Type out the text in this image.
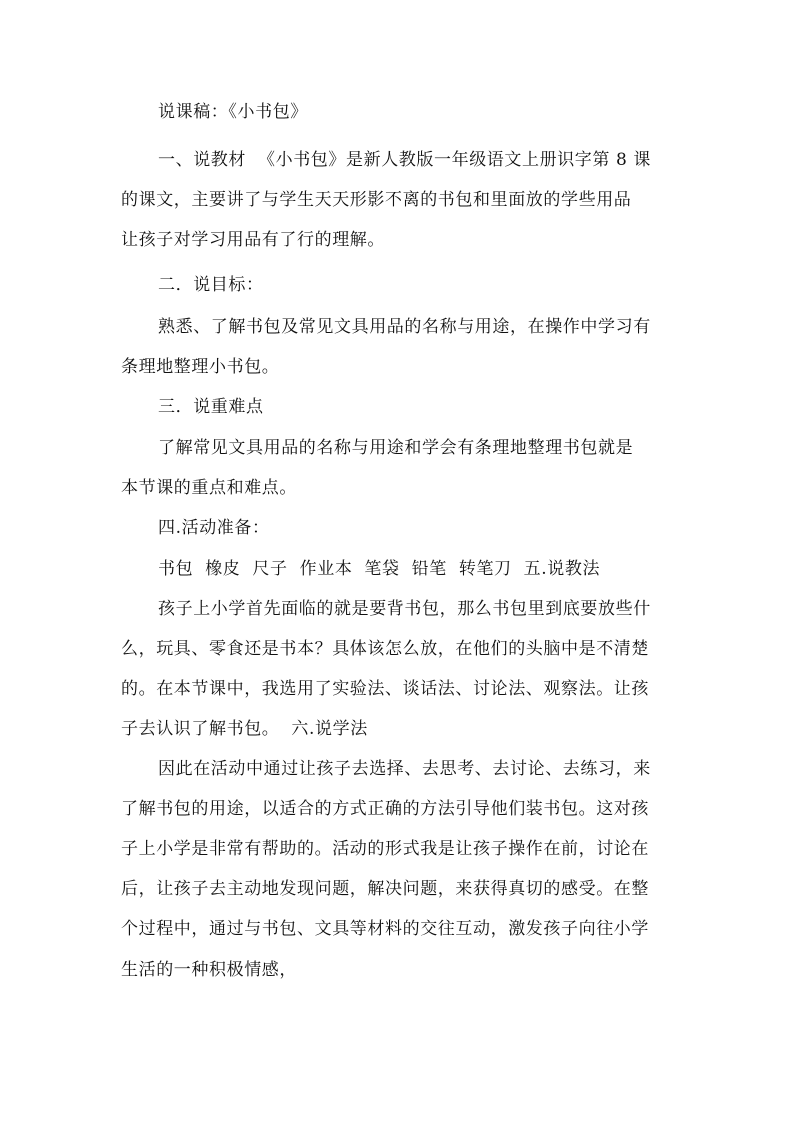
说课稿：《小书包》
一、说教材  《小书包》是新人教版一年级语文上册识字第 8 课
的课文，主要讲了与学生天天形影不离的书包和里面放的学些用品
让孩子对学习用品有了行的理解。
二．说目标：
熟悉、了解书包及常见文具用品的名称与用途，在操作中学习有
条理地整理小书包。
三．说重难点
了解常见文具用品的名称与用途和学会有条理地整理书包就是
本节课的重点和难点。
四.活动准备：
书包  橡皮  尺子  作业本  笔袋  铅笔  转笔刀  五.说教法
孩子上小学首先面临的就是要背书包，那么书包里到底要放些什
么，玩具、零食还是书本？具体该怎么放，在他们的头脑中是不清楚
的。在本节课中，我选用了实验法、谈话法、讨论法、观察法。让孩
子去认识了解书包。  六.说学法
因此在活动中通过让孩子去选择、去思考、去讨论、去练习，来
了解书包的用途，以适合的方式正确的方法引导他们装书包。这对孩
子上小学是非常有帮助的。活动的形式我是让孩子操作在前，讨论在
后，让孩子去主动地发现问题，解决问题，来获得真切的感受。在整
个过程中，通过与书包、文具等材料的交往互动，激发孩子向往小学
生活的一种积极情感，
